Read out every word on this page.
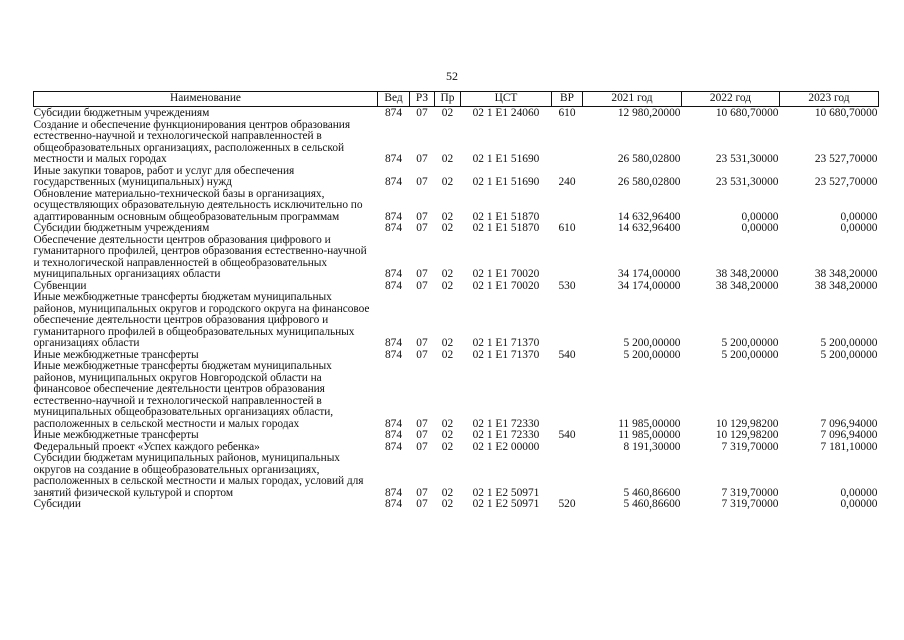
52
Наименование	Вед	РЗ	Пр	ЦСТ	ВР	2021 год	2022 год	2023 год
Субсидии бюджетным учреждениям	874	07	02	02 1 E1 24060	610	12 980,20000	10 680,70000	10 680,70000
Создание и обеспечение функционирования центров образования естественно-научной и технологической направленностей в общеобразовательных организациях, расположенных в сельской местности и малых городах	874	07	02	02 1 E1 51690		26 580,02800	23 531,30000	23 527,70000
Иные закупки товаров, работ и услуг для обеспечения государственных (муниципальных) нужд	874	07	02	02 1 E1 51690	240	26 580,02800	23 531,30000	23 527,70000
Обновление материально-технической базы в организациях, осуществляющих образовательную деятельность исключительно по адаптированным основным общеобразовательным программам	874	07	02	02 1 E1 51870		14 632,96400	0,00000	0,00000
Субсидии бюджетным учреждениям	874	07	02	02 1 E1 51870	610	14 632,96400	0,00000	0,00000
Обеспечение деятельности центров образования цифрового и гуманитарного профилей, центров образования естественно-научной и технологической направленностей в общеобразовательных муниципальных организациях области	874	07	02	02 1 E1 70020		34 174,00000	38 348,20000	38 348,20000
Субвенции	874	07	02	02 1 E1 70020	530	34 174,00000	38 348,20000	38 348,20000
Иные межбюджетные трансферты бюджетам муниципальных районов, муниципальных округов и городского округа на финансовое обеспечение деятельности центров образования цифрового и гуманитарного профилей в общеобразовательных муниципальных организациях области	874	07	02	02 1 E1 71370		5 200,00000	5 200,00000	5 200,00000
Иные межбюджетные трансферты	874	07	02	02 1 E1 71370	540	5 200,00000	5 200,00000	5 200,00000
Иные межбюджетные трансферты бюджетам муниципальных районов, муниципальных округов Новгородской области на финансовое обеспечение деятельности центров образования естественно-научной и технологической направленностей в муниципальных общеобразовательных организациях области, расположенных в сельской местности и малых городах	874	07	02	02 1 E1 72330		11 985,00000	10 129,98200	7 096,94000
Иные межбюджетные трансферты	874	07	02	02 1 E1 72330	540	11 985,00000	10 129,98200	7 096,94000
Федеральный проект «Успех каждого ребенка»	874	07	02	02 1 E2 00000		8 191,30000	7 319,70000	7 181,10000
Субсидии бюджетам муниципальных районов, муниципальных округов на создание в общеобразовательных организациях, расположенных в сельской местности и малых городах, условий для занятий физической культурой и спортом	874	07	02	02 1 E2 50971		5 460,86600	7 319,70000	0,00000
Субсидии	874	07	02	02 1 E2 50971	520	5 460,86600	7 319,70000	0,00000
